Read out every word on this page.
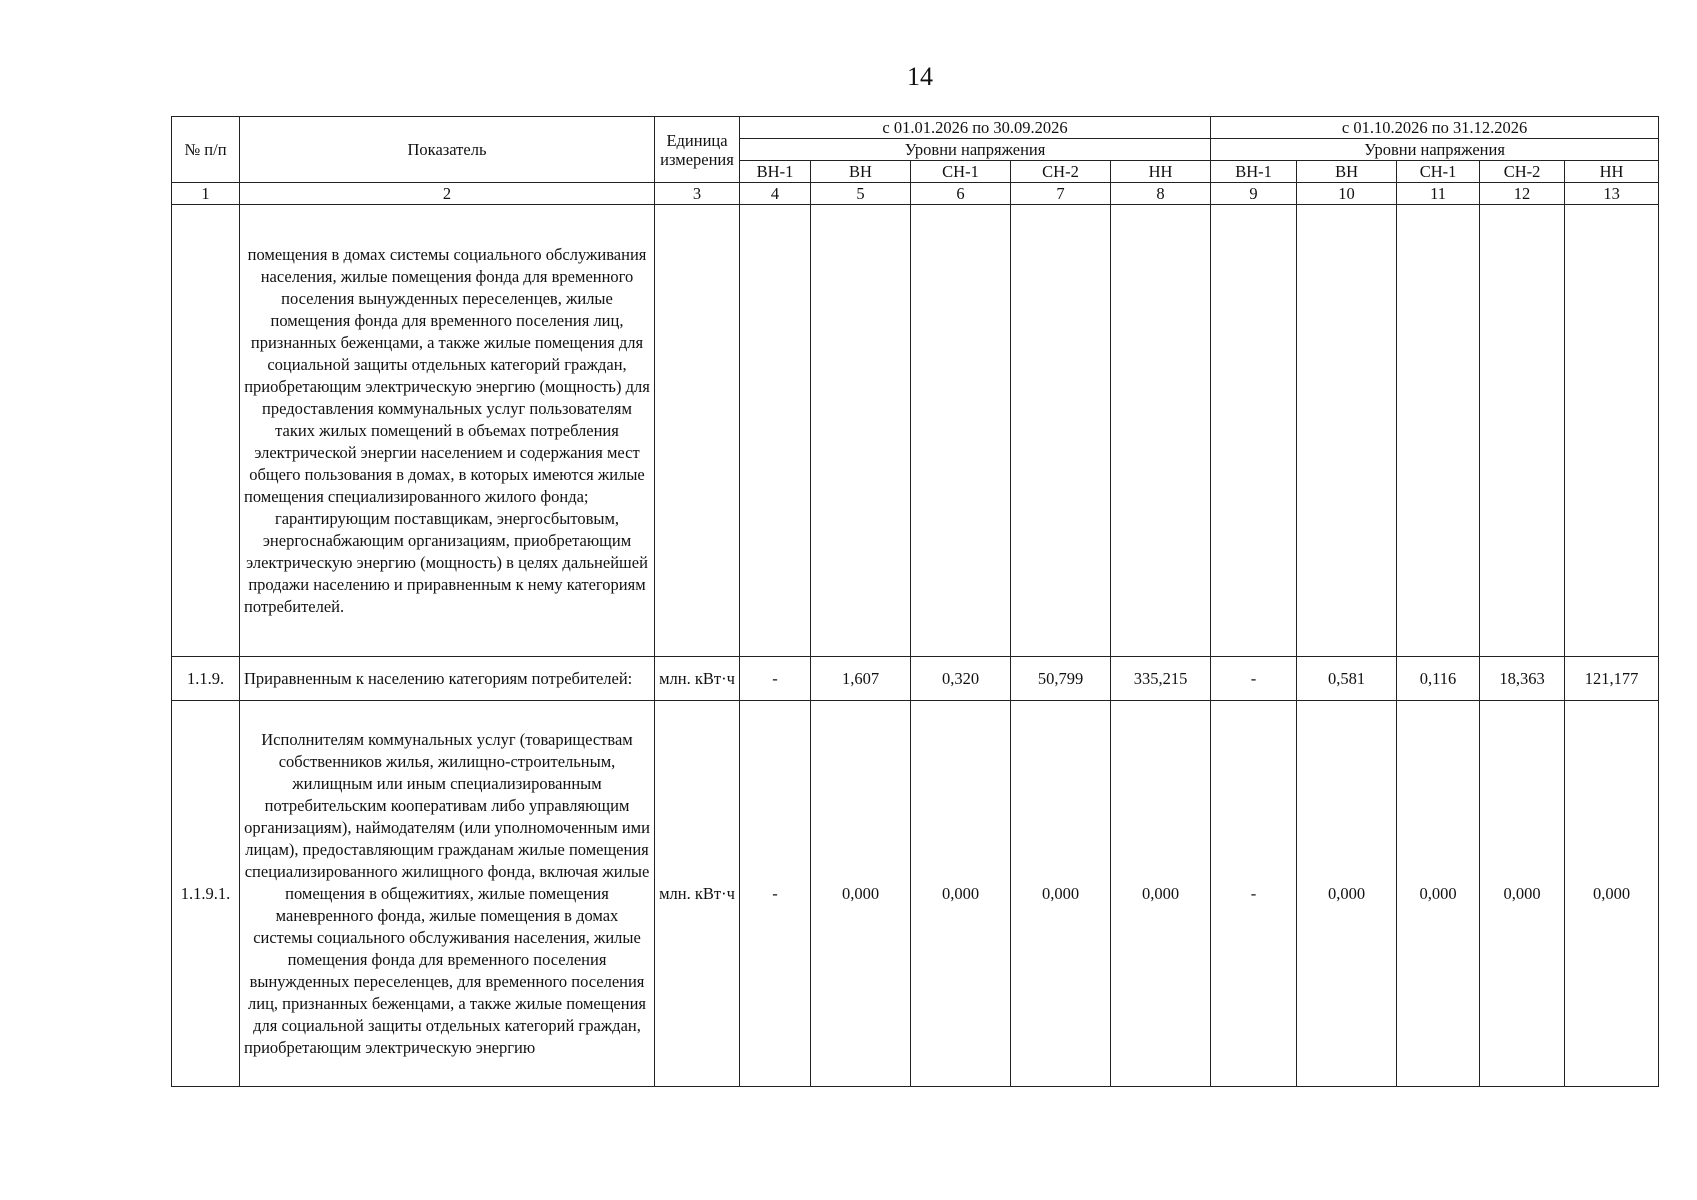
14
№ п/п	Показатель	Единица измерения	с 01.01.2026 по 30.09.2026					с 01.10.2026 по 31.12.2026				
			Уровни напряжения					Уровни напряжения				
			ВН-1	ВН	СН-1	СН-2	НН	ВН-1	ВН	СН-1	СН-2	НН
1	2	3	4	5	6	7	8	9	10	11	12	13

	помещения в домах системы социального обслуживания населения, жилые помещения фонда для временного поселения вынужденных переселенцев, жилые помещения фонда для временного поселения лиц, признанных беженцами, а также жилые помещения для социальной защиты отдельных категорий граждан, приобретающим электрическую энергию (мощность) для предоставления коммунальных услуг пользователям таких жилых помещений в объемах потребления электрической энергии населением и содержания мест общего пользования в домах, в которых имеются жилые помещения специализированного жилого фонда;

гарантирующим поставщикам, энергосбытовым, энергоснабжающим организациям, приобретающим электрическую энергию (мощность) в целях дальнейшей продажи населению и приравненным к нему категориям потребителей.											

1.1.9.	Приравненным к населению категориям потребителей:	млн. кВт·ч	-	1,607	0,320	50,799	335,215	-	0,581	0,116	18,363	121,177
1.1.9.1.	Исполнителям коммунальных услуг (товариществам собственников жилья, жилищно-строительным, жилищным или иным специализированным потребительским кооперативам либо управляющим организациям), наймодателям (или уполномоченным ими лицам), предоставляющим гражданам жилые помещения специализированного жилищного фонда, включая жилые помещения в общежитиях, жилые помещения маневренного фонда, жилые помещения в домах системы социального обслуживания населения, жилые помещения фонда для временного поселения вынужденных переселенцев, для временного поселения лиц, признанных беженцами, а также жилые помещения для социальной защиты отдельных категорий граждан, приобретающим электрическую энергию	млн. кВт·ч	-	0,000	0,000	0,000	0,000	-	0,000	0,000	0,000	0,000
